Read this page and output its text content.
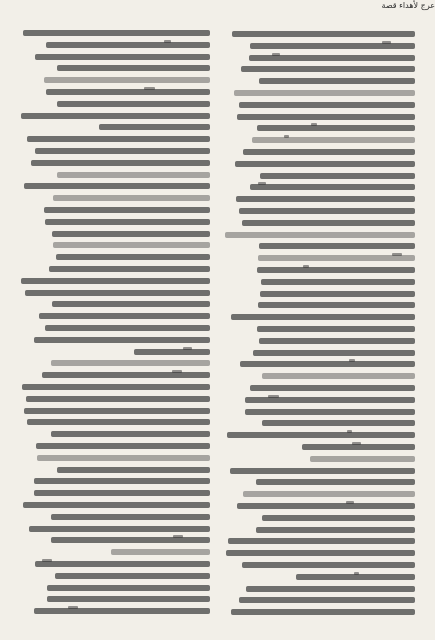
عرج لأهداء قصة
